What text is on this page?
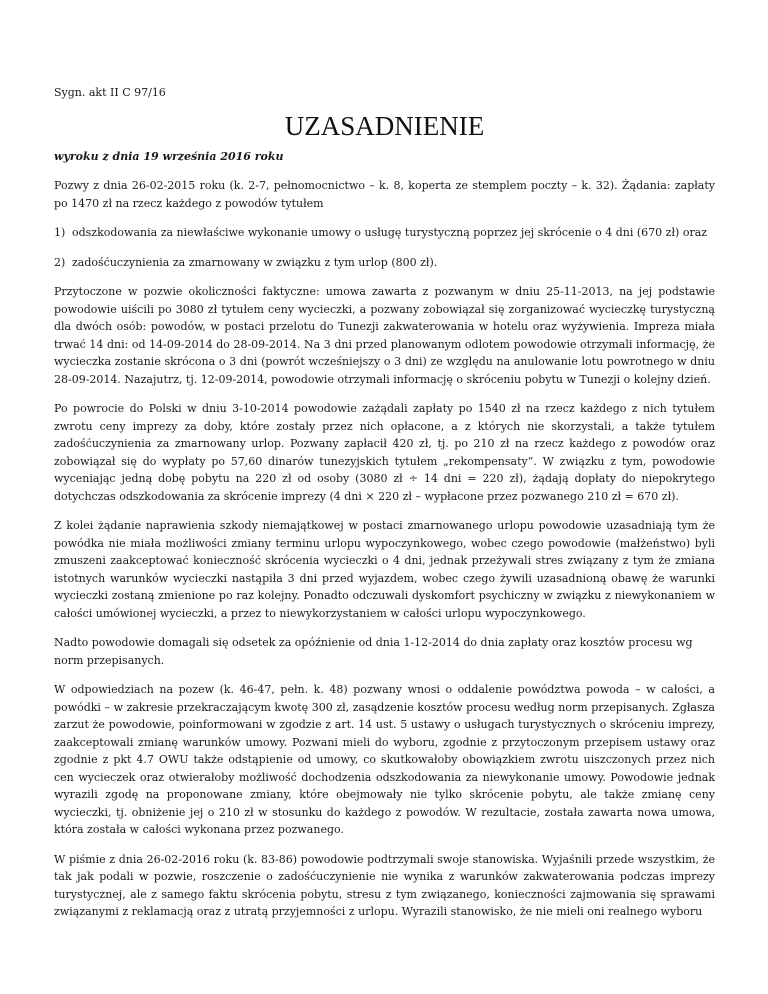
Sygn. akt II C 97/16
UZASADNIENIE
wyroku z dnia 19 września 2016 roku

Pozwy z dnia 26-02-2015 roku (k. 2-7, pełnomocnictwo – k. 8, koperta ze stemplem poczty – k. 32). Żądania: zapłaty po 1470 zł na rzecz każdego z powodów tytułem

1) odszkodowania za niewłaściwe wykonanie umowy o usługę turystyczną poprzez jej skrócenie o 4 dni (670 zł) oraz
2) zadośćuczynienia za zmarnowany w związku z tym urlop (800 zł).

Przytoczone w pozwie okoliczności faktyczne: umowa zawarta z pozwanym w dniu 25-11-2013, na jej podstawie powodowie uiścili po 3080 zł tytułem ceny wycieczki, a pozwany zobowiązał się zorganizować wycieczkę turystyczną dla dwóch osób: powodów, w postaci przelotu do Tunezji zakwaterowania w hotelu oraz wyżywienia. Impreza miała trwać 14 dni: od 14-09-2014 do 28-09-2014. Na 3 dni przed planowanym odlotem powodowie otrzymali informację, że wycieczka zostanie skrócona o 3 dni (powrót wcześniejszy o 3 dni) ze względu na anulowanie lotu powrotnego w dniu 28-09-2014. Nazajutrz, tj. 12-09-2014, powodowie otrzymali informację o skróceniu pobytu w Tunezji o kolejny dzień.

Po powrocie do Polski w dniu 3-10-2014 powodowie zażądali zapłaty po 1540 zł na rzecz każdego z nich tytułem zwrotu ceny imprezy za doby, które zostały przez nich opłacone, a z których nie skorzystali, a także tytułem zadośćuczynienia za zmarnowany urlop. Pozwany zapłacił 420 zł, tj. po 210 zł na rzecz każdego z powodów oraz zobowiązał się do wypłaty po 57,60 dinarów tunezyjskich tytułem „rekompensaty”. W związku z tym, powodowie wyceniając jedną dobę pobytu na 220 zł od osoby (3080 zł ÷ 14 dni = 220 zł), żądają dopłaty do niepokrytego dotychczas odszkodowania za skrócenie imprezy (4 dni × 220 zł – wypłacone przez pozwanego 210 zł = 670 zł).

Z kolei żądanie naprawienia szkody niemajątkowej w postaci zmarnowanego urlopu powodowie uzasadniają tym że powódka nie miała możliwości zmiany terminu urlopu wypoczynkowego, wobec czego powodowie (małżeństwo) byli zmuszeni zaakceptować konieczność skrócenia wycieczki o 4 dni, jednak przeżywali stres związany z tym że zmiana istotnych warunków wycieczki nastąpiła 3 dni przed wyjazdem, wobec czego żywili uzasadnioną obawę że warunki wycieczki zostaną zmienione po raz kolejny. Ponadto odczuwali dyskomfort psychiczny w związku z niewykonaniem w całości umówionej wycieczki, a przez to niewykorzystaniem w całości urlopu wypoczynkowego.

Nadto powodowie domagali się odsetek za opóźnienie od dnia 1-12-2014 do dnia zapłaty oraz kosztów procesu wg norm przepisanych.

W odpowiedziach na pozew (k. 46-47, pełn. k. 48) pozwany wnosi o oddalenie powództwa powoda – w całości, a powódki – w zakresie przekraczającym kwotę 300 zł, zasądzenie kosztów procesu według norm przepisanych. Zgłasza zarzut że powodowie, poinformowani w zgodzie z art. 14 ust. 5 ustawy o usługach turystycznych o skróceniu imprezy, zaakceptowali zmianę warunków umowy. Pozwani mieli do wyboru, zgodnie z przytoczonym przepisem ustawy oraz zgodnie z pkt 4.7 OWU także odstąpienie od umowy, co skutkowałoby obowiązkiem zwrotu uiszczonych przez nich cen wycieczek oraz otwierałoby możliwość dochodzenia odszkodowania za niewykonanie umowy. Powodowie jednak wyrazili zgodę na proponowane zmiany, które obejmowały nie tylko skrócenie pobytu, ale także zmianę ceny wycieczki, tj. obniżenie jej o 210 zł w stosunku do każdego z powodów. W rezultacie, została zawarta nowa umowa, która została w całości wykonana przez pozwanego.

W piśmie z dnia 26-02-2016 roku (k. 83-86) powodowie podtrzymali swoje stanowiska. Wyjaśnili przede wszystkim, że tak jak podali w pozwie, roszczenie o zadośćuczynienie nie wynika z warunków zakwaterowania podczas imprezy turystycznej, ale z samego faktu skrócenia pobytu, stresu z tym związanego, konieczności zajmowania się sprawami związanymi z reklamacją oraz z utratą przyjemności z urlopu. Wyrazili stanowisko, że nie mieli oni realnego wyboru
